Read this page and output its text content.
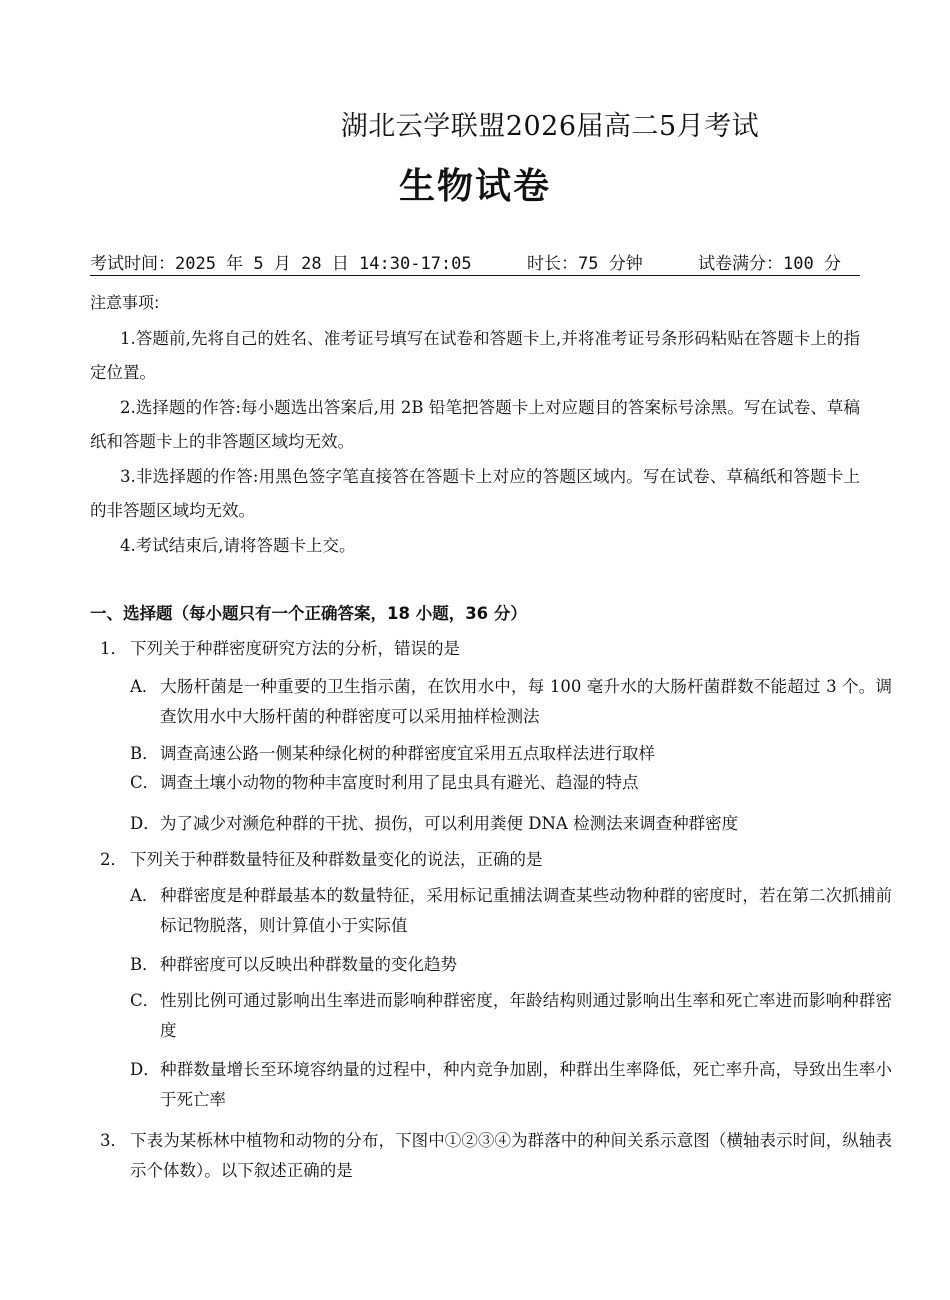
湖北云学联盟2026届高二5月考试
生物试卷
考试时间：2025 年 5 月 28 日 14:30-17:05	时长：75 分钟	试卷满分：100 分
注意事项:
1.答题前,先将自己的姓名、准考证号填写在试卷和答题卡上,并将准考证号条形码粘贴在答题卡上的指定位置。
2.选择题的作答:每小题选出答案后,用 2B 铅笔把答题卡上对应题目的答案标号涂黑。写在试卷、草稿纸和答题卡上的非答题区域均无效。
3.非选择题的作答:用黑色签字笔直接答在答题卡上对应的答题区域内。写在试卷、草稿纸和答题卡上的非答题区域均无效。
4.考试结束后,请将答题卡上交。
一、选择题（每小题只有一个正确答案，18 小题，36 分）
1． 下列关于种群密度研究方法的分析，错误的是
A．大肠杆菌是一种重要的卫生指示菌，在饮用水中，每 100 毫升水的大肠杆菌群数不能超过 3 个。调查饮用水中大肠杆菌的种群密度可以采用抽样检测法
B．调查高速公路一侧某种绿化树的种群密度宜采用五点取样法进行取样
C．调查土壤小动物的物种丰富度时利用了昆虫具有避光、趋湿的特点
D．为了减少对濒危种群的干扰、损伤，可以利用粪便 DNA 检测法来调查种群密度
2． 下列关于种群数量特征及种群数量变化的说法，正确的是
A．种群密度是种群最基本的数量特征，采用标记重捕法调查某些动物种群的密度时，若在第二次抓捕前标记物脱落，则计算值小于实际值
B．种群密度可以反映出种群数量的变化趋势
C．性别比例可通过影响出生率进而影响种群密度，年龄结构则通过影响出生率和死亡率进而影响种群密度
D．种群数量增长至环境容纳量的过程中，种内竞争加剧，种群出生率降低，死亡率升高，导致出生率小于死亡率
3． 下表为某栎林中植物和动物的分布，下图中①②③④为群落中的种间关系示意图（横轴表示时间，纵轴表示个体数）。以下叙述正确的是
